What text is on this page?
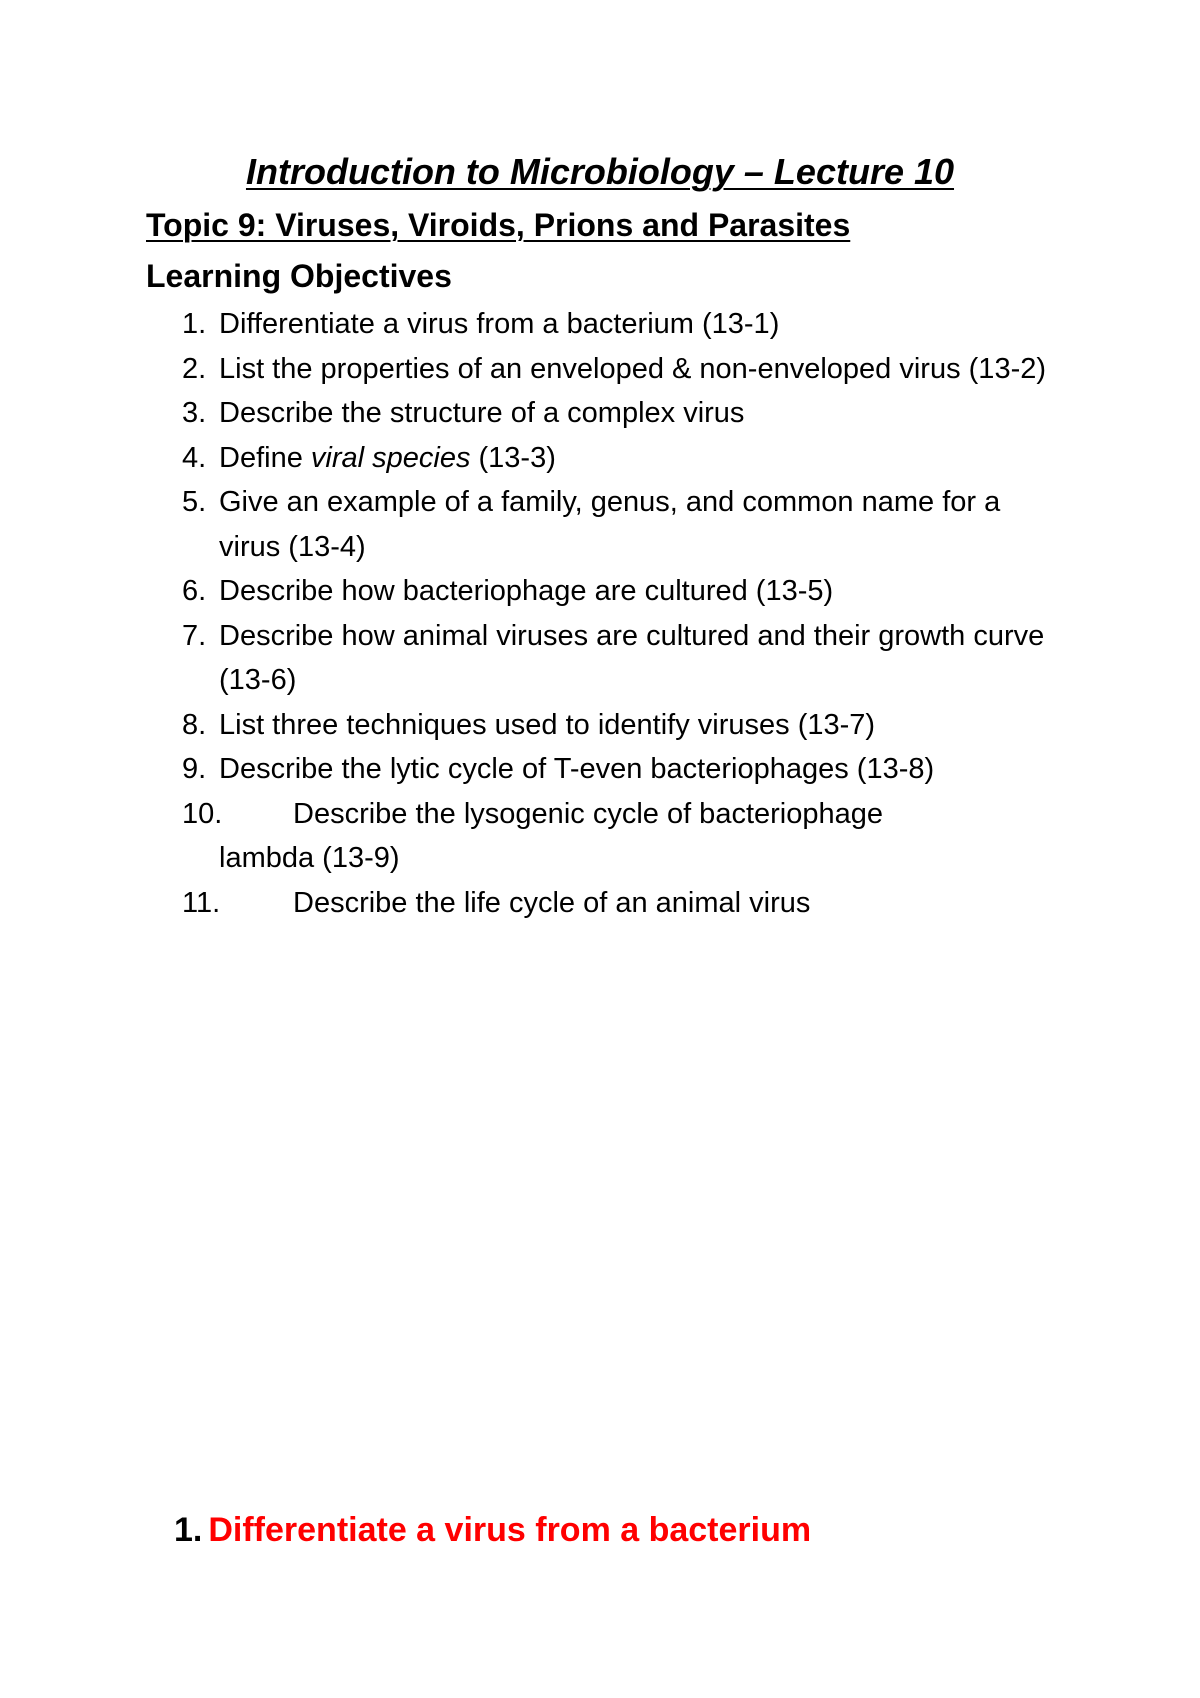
Introduction to Microbiology – Lecture 10
Topic 9: Viruses, Viroids, Prions and Parasites
Learning Objectives
1. Differentiate a virus from a bacterium (13-1)
2. List the properties of an enveloped & non-enveloped virus (13-2)
3. Describe the structure of a complex virus
4. Define viral species (13-3)
5. Give an example of a family, genus, and common name for a virus (13-4)
6. Describe how bacteriophage are cultured (13-5)
7. Describe how animal viruses are cultured and their growth curve (13-6)
8. List three techniques used to identify viruses (13-7)
9. Describe the lytic cycle of T-even bacteriophages (13-8)
10. Describe the lysogenic cycle of bacteriophage
lambda (13-9)
11.	Describe the life cycle of an animal virus
1. Differentiate a virus from a bacterium
